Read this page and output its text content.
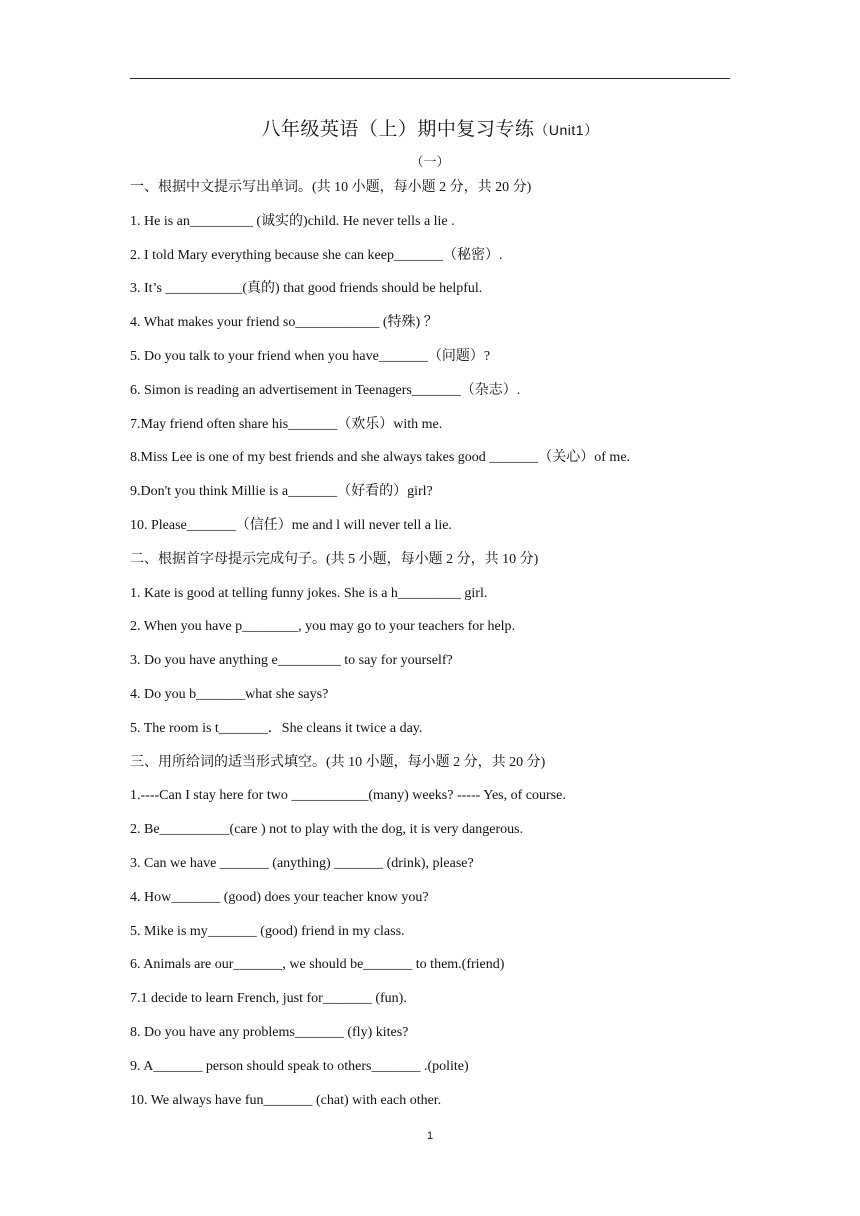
八年级英语（上）期中复习专练（Unit1）
（一）
一、根据中文提示写出单词。(共 10 小题，每小题 2 分，共 20 分)
1. He is an_________ (诚实的)child. He never tells a lie .
2. I told Mary everything because she can keep_______（秘密）.
3. It’s ___________(真的) that good friends should be helpful.
4. What makes your friend so____________ (特殊) ？
5. Do you talk to your friend when you have_______（问题）?
6. Simon is reading an advertisement in Teenagers_______（杂志）.
7.May friend often share his_______（欢乐）with me.
8.Miss Lee is one of my best friends and she always takes good _______（关心）of me.
9.Don't you think Millie is a_______（好看的）girl?
10. Please_______（信任）me and l will never tell a lie.
二、根据首字母提示完成句子。(共 5 小题，每小题 2 分，共 10 分)
1. Kate is good at telling funny jokes. She is a h_________ girl.
2. When you have p________, you may go to your teachers for help.
3. Do you have anything e_________ to say for yourself?
4. Do you b_______what she says?
5. The room is t_______．She cleans it twice a day.
三、用所给词的适当形式填空。(共 10 小题，每小题 2 分，共 20 分)
1.----Can I stay here for two ___________(many) weeks? ----- Yes, of course.
2. Be__________(care ) not to play with the dog, it is very dangerous.
3. Can we have _______ (anything) _______ (drink), please?
4. How_______ (good) does your teacher know you?
5. Mike is my_______ (good) friend in my class.
6. Animals are our_______, we should be_______ to them.(friend)
7.1 decide to learn French, just for_______ (fun).
8. Do you have any problems_______ (fly) kites?
9. A_______ person should speak to others_______ .(polite)
10. We always have fun_______ (chat) with each other.
1
